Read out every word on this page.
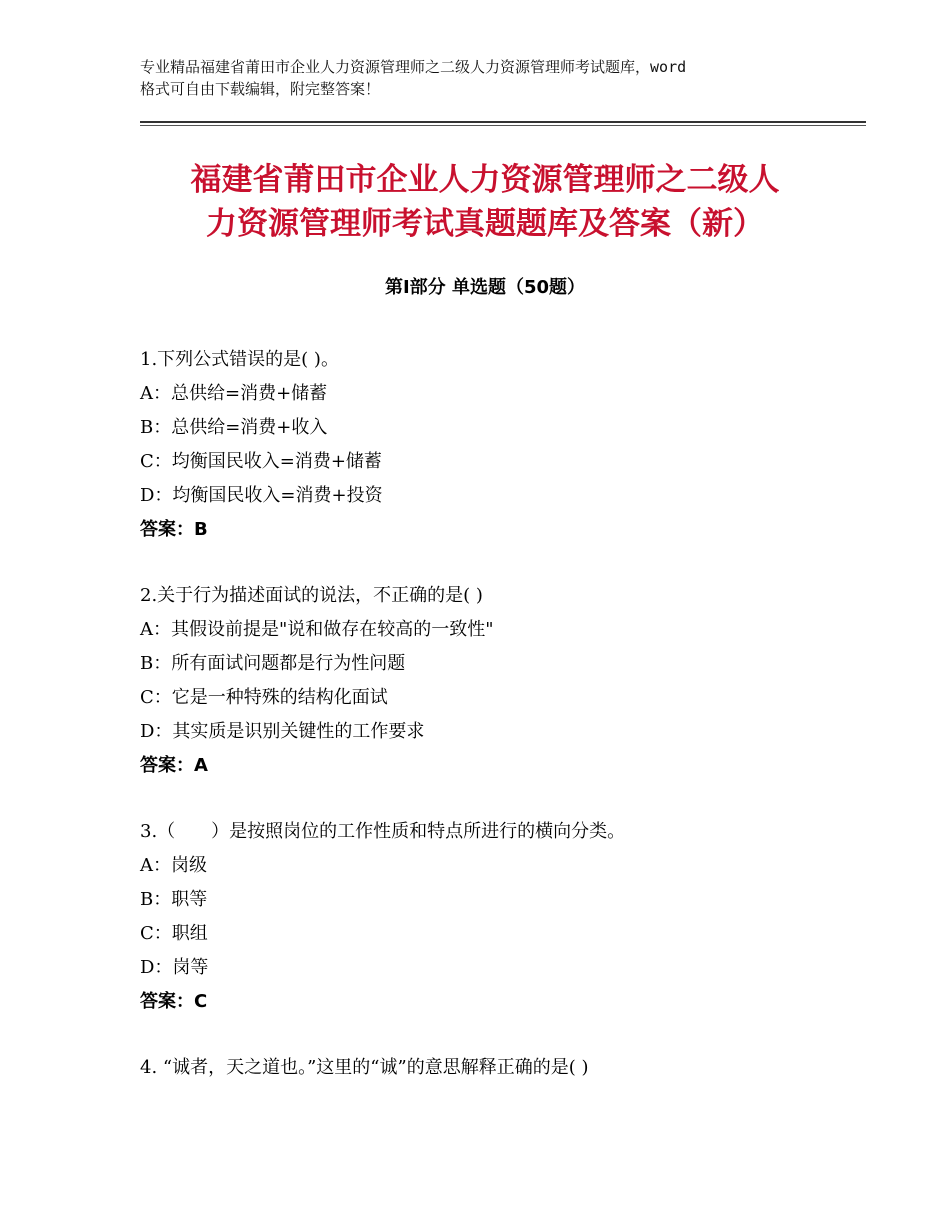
专业精品福建省莆田市企业人力资源管理师之二级人力资源管理师考试题库，word
格式可自由下载编辑，附完整答案！
福建省莆田市企业人力资源管理师之二级人
力资源管理师考试真题题库及答案（新）
第Ⅰ部分 单选题（50题）
1.下列公式错误的是( )。
A：总供给=消费+储蓄
B：总供给=消费+收入
C：均衡国民收入=消费+储蓄
D：均衡国民收入=消费+投资
答案：B
2.关于行为描述面试的说法，不正确的是( )
A：其假设前提是"说和做存在较高的一致性"
B：所有面试问题都是行为性问题
C：它是一种特殊的结构化面试
D：其实质是识别关键性的工作要求
答案：A
3.（　　）是按照岗位的工作性质和特点所进行的横向分类。
A：岗级
B：职等
C：职组
D：岗等
答案：C
4. “诚者，天之道也。”这里的“诚”的意思解释正确的是( )
